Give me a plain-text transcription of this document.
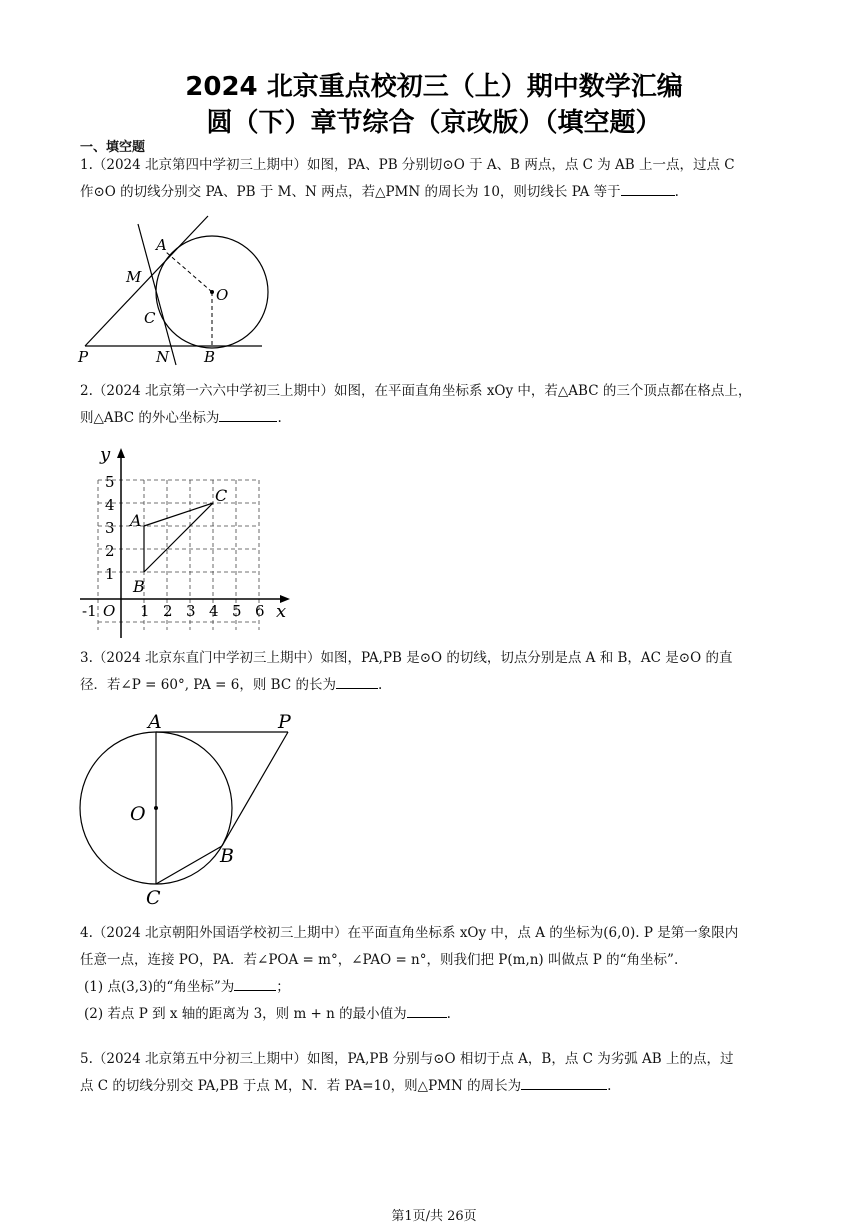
2024 北京重点校初三（上）期中数学汇编
圆（下）章节综合（京改版）（填空题）
一、填空题
1.（2024 北京第四中学初三上期中）如图，PA、PB 分别切⊙O 于 A、B 两点，点 C 为 AB 上一点，过点 C
作⊙O 的切线分别交 PA、PB 于 M、N 两点，若△PMN 的周长为 10，则切线长 PA 等于	.
A
M
O
C
P	N B
2.（2024 北京第一六六中学初三上期中）如图，在平面直角坐标系 xOy 中，若△ABC 的三个顶点都在格点上，
则△ABC 的外心坐标为	.
y
x
1
2
3
4
5
-1 O 1 2 3 4 5 6
A
B
C
3.（2024 北京东直门中学初三上期中）如图，PA,PB 是⊙O 的切线，切点分别是点 A 和 B，AC 是⊙O 的直
径．若∠P = 60°, PA = 6，则 BC 的长为	.
A	P
O
B
C
4.（2024 北京朝阳外国语学校初三上期中）在平面直角坐标系 xOy 中，点 A 的坐标为(6,0). P 是第一象限内
任意一点，连接 PO，PA．若∠POA = m°，∠PAO = n°，则我们把 P(m,n) 叫做点 P 的“角坐标”.
(1) 点(3,3)的“角坐标”为	；
(2) 若点 P 到 x 轴的距离为 3，则 m + n 的最小值为	.
5.（2024 北京第五中分初三上期中）如图，PA,PB 分别与⊙O 相切于点 A，B，点 C 为劣弧 AB 上的点，过
点 C 的切线分别交 PA,PB 于点 M，N．若 PA=10，则△PMN 的周长为	.
第1页/共 26页
